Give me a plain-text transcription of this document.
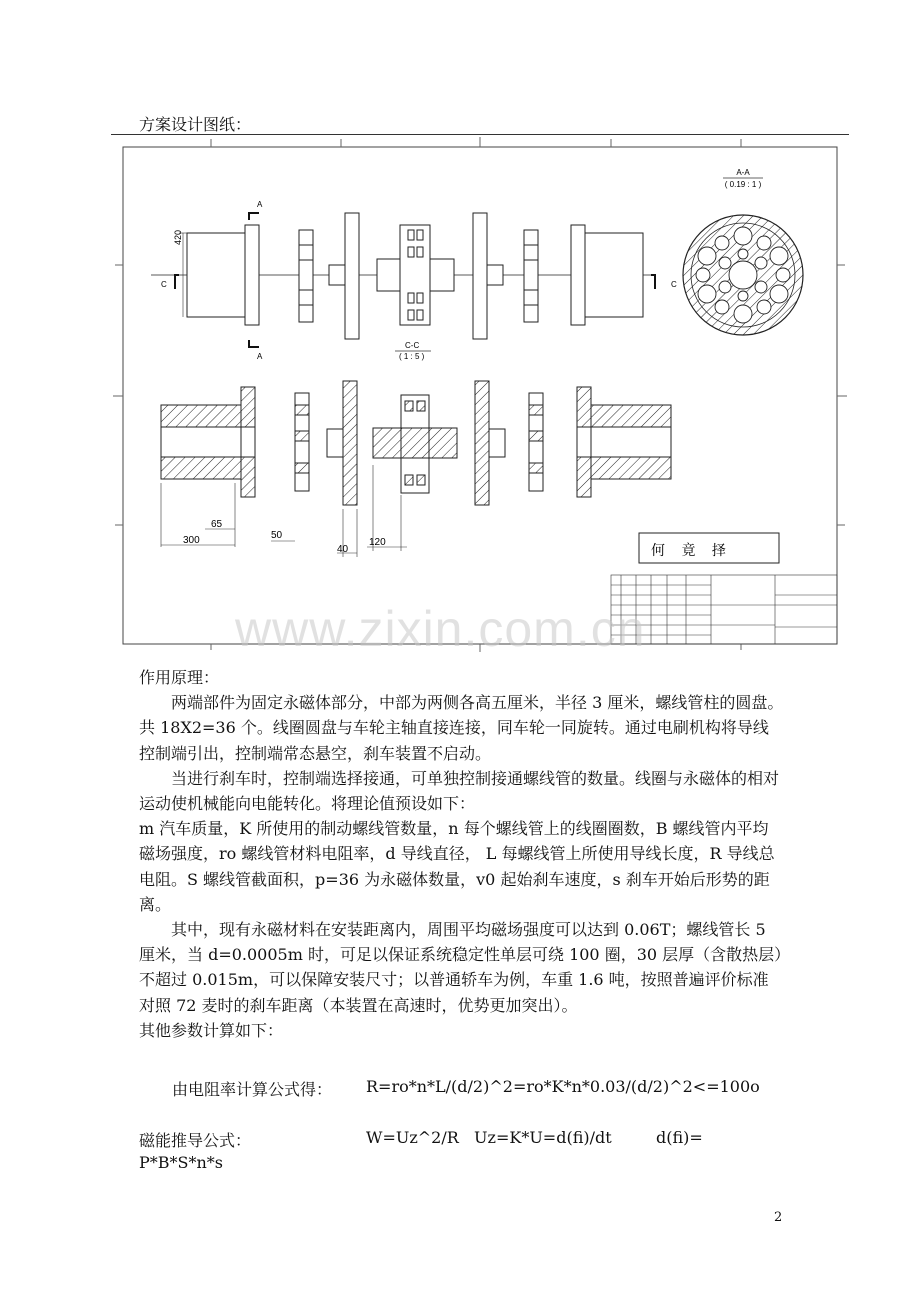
方案设计图纸：
A-A
( 0.19 : 1 )
A
A
C	C
420
C-C
( 1 : 5 )
65
300	50
40
120
何 竟 择
www.zixin.com.cn

作用原理：

两端部件为固定永磁体部分，中部为两侧各高五厘米，半径 3 厘米，螺线管柱的圆盘。共 18X2=36 个。线圈圆盘与车轮主轴直接连接，同车轮一同旋转。通过电刷机构将导线控制端引出，控制端常态悬空，刹车装置不启动。

当进行刹车时，控制端选择接通，可单独控制接通螺线管的数量。线圈与永磁体的相对运动使机械能向电能转化。将理论值预设如下：

m 汽车质量，K 所使用的制动螺线管数量，n 每个螺线管上的线圈圈数，B 螺线管内平均磁场强度，ro 螺线管材料电阻率，d 导线直径， L 每螺线管上所使用导线长度，R 导线总电阻。S 螺线管截面积，p=36 为永磁体数量，v0 起始刹车速度，s 刹车开始后形势的距离。

其中，现有永磁材料在安装距离内，周围平均磁场强度可以达到 0.06T；螺线管长 5 厘米，当 d=0.0005m 时，可足以保证系统稳定性单层可绕 100 圈，30 层厚（含散热层）不超过 0.015m，可以保障安装尺寸；以普通轿车为例，车重 1.6 吨，按照普遍评价标准对照 72 麦时的刹车距离（本装置在高速时，优势更加突出）。

其他参数计算如下：

由电阻率计算公式得： R=ro*n*L/(d/2)^2=ro*K*n*0.03/(d/2)^2<=100o
磁能推导公式：	W=Uz^2/R   Uz=K*U=d(fi)/dt	d(fi)=
P*B*S*n*s
2
